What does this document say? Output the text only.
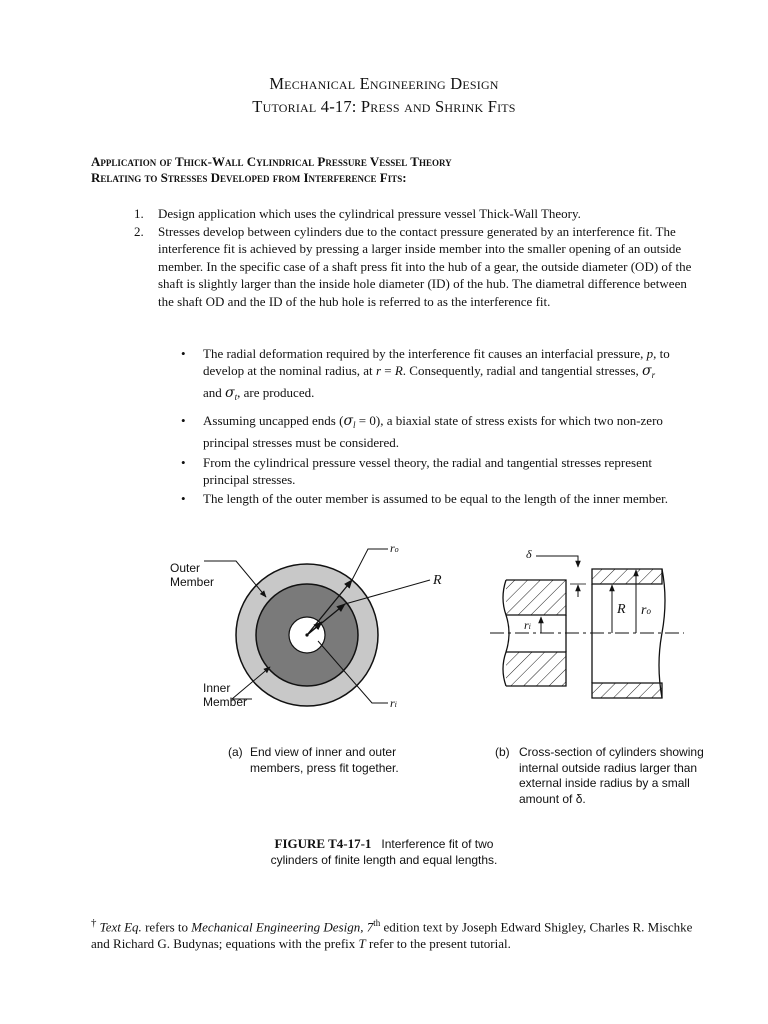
Mechanical Engineering Design
Tutorial 4-17: Press and Shrink Fits
Application of Thick-Wall Cylindrical Pressure Vessel Theory
Relating to Stresses Developed from Interference Fits:
1. Design application which uses the cylindrical pressure vessel Thick-Wall Theory.
2. Stresses develop between cylinders due to the contact pressure generated by an interference fit. The interference fit is achieved by pressing a larger inside member into the smaller opening of an outside member. In the specific case of a shaft press fit into the hub of a gear, the outside diameter (OD) of the shaft is slightly larger than the inside hole diameter (ID) of the hub. The diametral difference between the shaft OD and the ID of the hub hole is referred to as the interference fit.
• The radial deformation required by the interference fit causes an interfacial pressure, p, to develop at the nominal radius, at r = R. Consequently, radial and tangential stresses, $\sigma_r$ and $\sigma_t$, are produced.
• Assuming uncapped ends $(\sigma_l = 0)$, a biaxial state of stress exists for which two non-zero principal stresses must be considered.
• From the cylindrical pressure vessel theory, the radial and tangential stresses represent principal stresses.
• The length of the outer member is assumed to be equal to the length of the inner member.
Outer Member
Inner Member
ro
R
ri
δ
ri
R ro
(a) End view of inner and outer members, press fit together.
(b) Cross-section of cylinders showing internal outside radius larger than external inside radius by a small amount of δ.
FIGURE T4-17-1 Interference fit of two
cylinders of finite length and equal lengths.
† Text Eq. refers to Mechanical Engineering Design, 7th edition text by Joseph Edward Shigley, Charles R. Mischke and Richard G. Budynas; equations with the prefix T refer to the present tutorial.
